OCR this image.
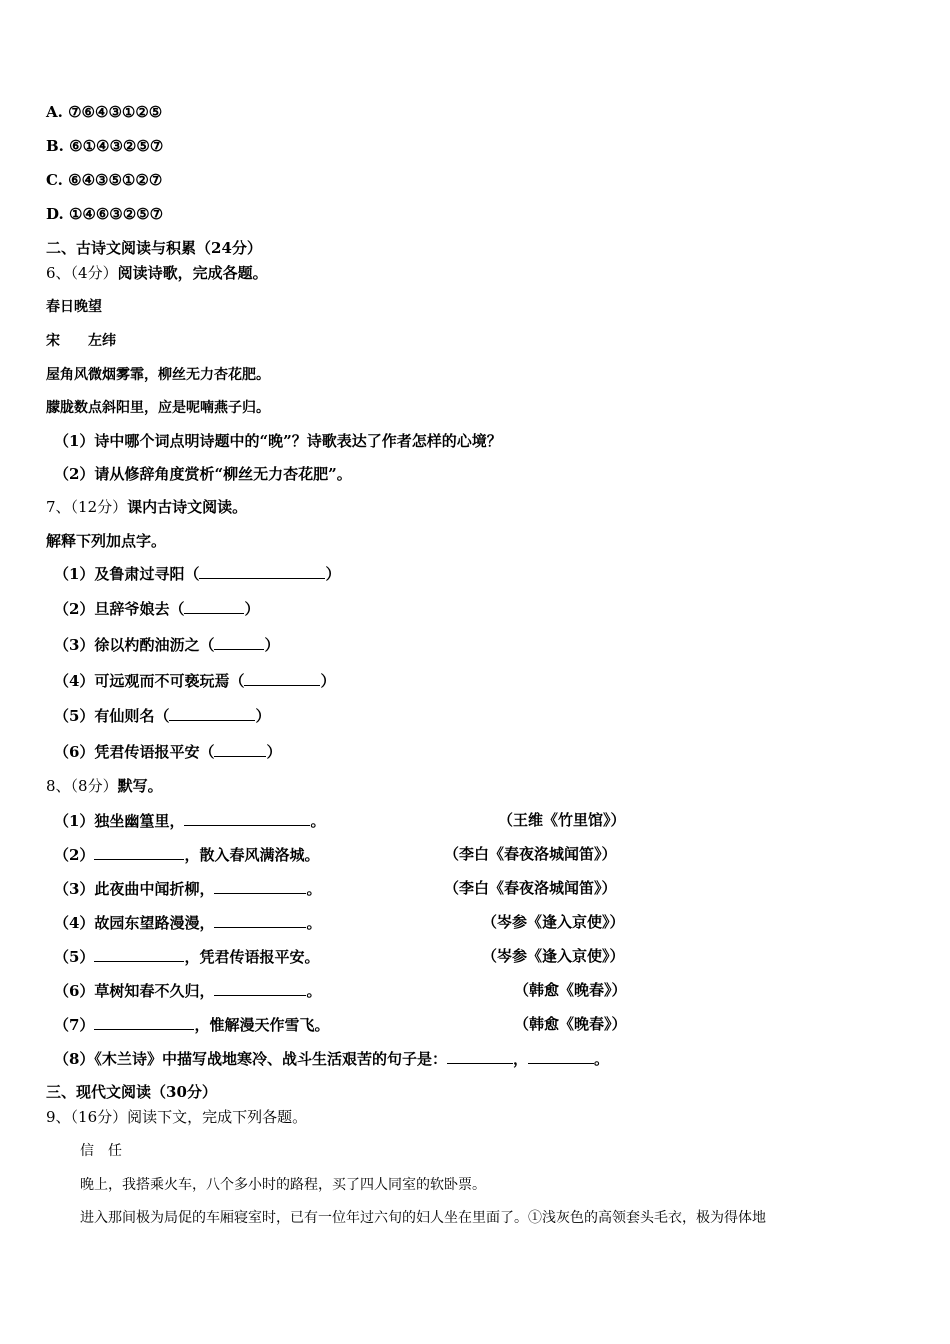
A. ⑦⑥④③①②⑤
B. ⑥①④③②⑤⑦
C. ⑥④③⑤①②⑦
D. ①④⑥③②⑤⑦
二、古诗文阅读与积累（24分）
6、（4分）阅读诗歌，完成各题。
春日晚望
宋　　左纬
屋角风微烟雾霏，柳丝无力杏花肥。
朦胧数点斜阳里，应是呢喃燕子归。
（1）诗中哪个词点明诗题中的“晚”？诗歌表达了作者怎样的心境？
（2）请从修辞角度赏析“柳丝无力杏花肥”。
7、（12分）课内古诗文阅读。
解释下列加点字。
（1）及鲁肃过寻阳（	）
（2）旦辞爷娘去（	）
（3）徐以杓酌油沥之（	）
（4）可远观而不可亵玩焉（	）
（5）有仙则名（	）
（6）凭君传语报平安（	）
8、（8分）默写。
（1）独坐幽篁里，	。	（王维《竹里馆》）
（2）	，散入春风满洛城。	（李白《春夜洛城闻笛》）
（3）此夜曲中闻折柳，	。	（李白《春夜洛城闻笛》）
（4）故园东望路漫漫，	。	（岑参《逢入京使》）
（5）	，凭君传语报平安。	（岑参《逢入京使》）
（6）草树知春不久归，	。	（韩愈《晚春》）
（7）	，惟解漫天作雪飞。	（韩愈《晚春》）
（8）《木兰诗》中描写战地寒冷、战斗生活艰苦的句子是：	，	。
三、现代文阅读（30分）
9、（16分）阅读下文，完成下列各题。
信　任
晚上，我搭乘火车，八个多小时的路程，买了四人同室的软卧票。
进入那间极为局促的车厢寝室时，已有一位年过六旬的妇人坐在里面了。①浅灰色的高领套头毛衣，极为得体地
